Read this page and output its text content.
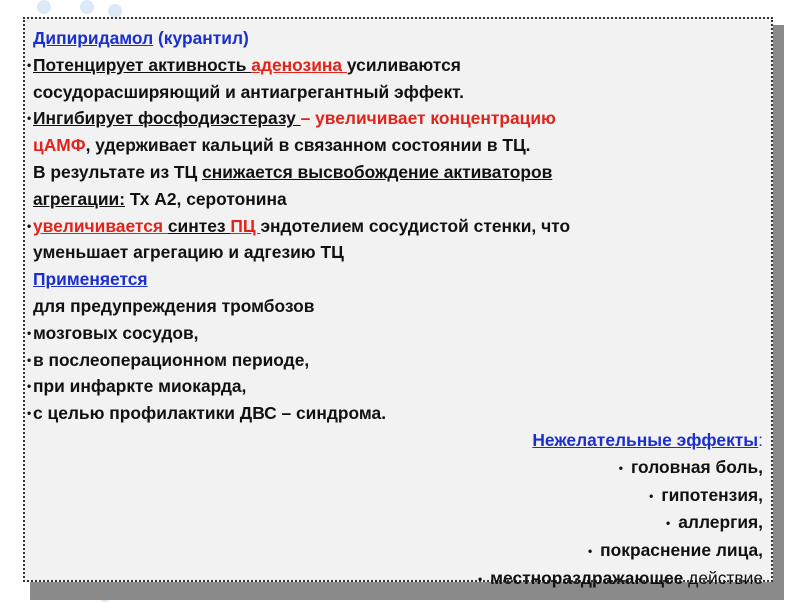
Дипиридамол (курантил)
• Потенцирует активность аденозина усиливаются
сосудорасширяющий и антиагрегантный эффект.
• Ингибирует фосфодиэстеразу – увеличивает концентрацию
цАМФ, удерживает кальций в связанном состоянии в ТЦ.
В результате из ТЦ снижается высвобождение активаторов
агрегации: Тх А2, серотонина
• увеличивается синтез ПЦ эндотелием сосудистой стенки, что
уменьшает агрегацию и адгезию ТЦ
Применяется
для предупреждения тромбозов
• мозговых сосудов,
• в послеоперационном периоде,
• при инфаркте миокарда,
• с целью профилактики ДВС – синдрома.
Нежелательные эффекты:
• головная боль,
• гипотензия,
• аллергия,
• покраснение лица,
• местнораздражающее действие
